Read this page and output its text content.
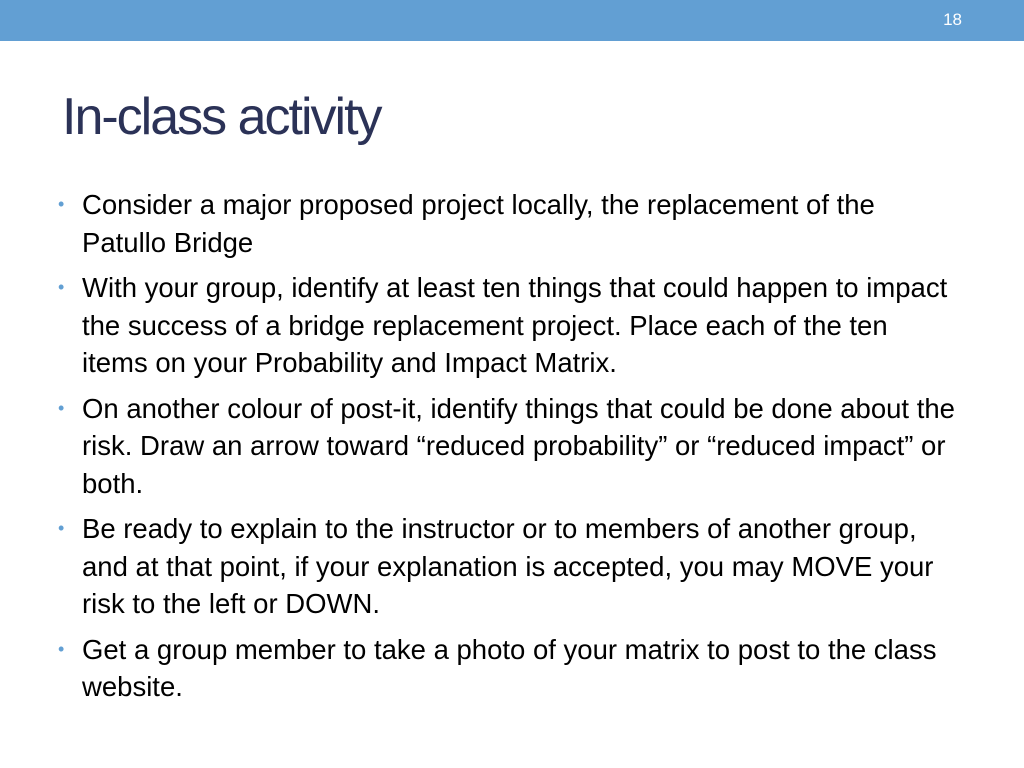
18
In-class activity
• Consider a major proposed project locally, the replacement of the Patullo Bridge
• With your group, identify at least ten things that could happen to impact the success of a bridge replacement project. Place each of the ten items on your Probability and Impact Matrix.
• On another colour of post-it, identify things that could be done about the risk. Draw an arrow toward “reduced probability” or “reduced impact” or both.
• Be ready to explain to the instructor or to members of another group, and at that point, if your explanation is accepted, you may MOVE your risk to the left or DOWN.
• Get a group member to take a photo of your matrix to post to the class website.
